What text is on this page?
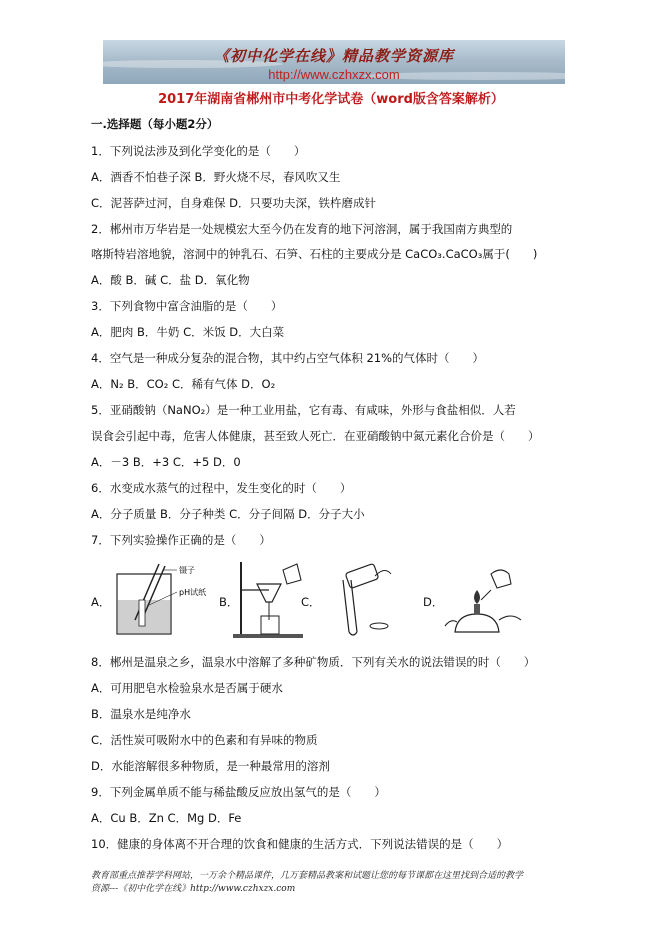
《初中化学在线》精品教学资源库
http://www.czhxzx.com
2017年湖南省郴州市中考化学试卷（word版含答案解析）
一.选择题（每小题2分）
1．下列说法涉及到化学变化的是（　　）
A．酒香不怕巷子深 B．野火烧不尽，春风吹又生
C．泥菩萨过河，自身难保 D．只要功夫深，铁杵磨成针
2．郴州市万华岩是一处规模宏大至今仍在发育的地下河溶洞，属于我国南方典型的
喀斯特岩溶地貌，溶洞中的钟乳石、石笋、石柱的主要成分是 CaCO₃.CaCO₃属于(　　)
A．酸 B．碱 C．盐 D．氧化物
3．下列食物中富含油脂的是（　　）
A．肥肉 B．牛奶 C．米饭 D．大白菜
4．空气是一种成分复杂的混合物，其中约占空气体积 21%的气体时（　　）
A．N₂ B．CO₂ C．稀有气体 D．O₂
5．亚硝酸钠（NaNO₂）是一种工业用盐，它有毒、有咸味，外形与食盐相似．人若
误食会引起中毒，危害人体健康，甚至致人死亡．在亚硝酸钠中氮元素化合价是（　　）
A．－3 B．+3 C．+5 D．0
6．水变成水蒸气的过程中，发生变化的时（　　）
A．分子质量 B．分子种类 C．分子间隔 D．分子大小
7．下列实验操作正确的是（　　）
A．
镊子
pH试纸
B．	C．	D．
8．郴州是温泉之乡，温泉水中溶解了多种矿物质．下列有关水的说法错误的时（　　）
A．可用肥皂水检验泉水是否属于硬水
B．温泉水是纯净水
C．活性炭可吸附水中的色素和有异味的物质
D．水能溶解很多种物质，是一种最常用的溶剂
9．下列金属单质不能与稀盐酸反应放出氢气的是（　　）
A．Cu B．Zn C．Mg D．Fe
10．健康的身体离不开合理的饮食和健康的生活方式．下列说法错误的是（　　）
教育部重点推荐学科网站，一万余个精品课件，几万套精品教案和试题让您的每节课都在这里找到合适的教学
资源---《初中化学在线》http://www.czhxzx.com
